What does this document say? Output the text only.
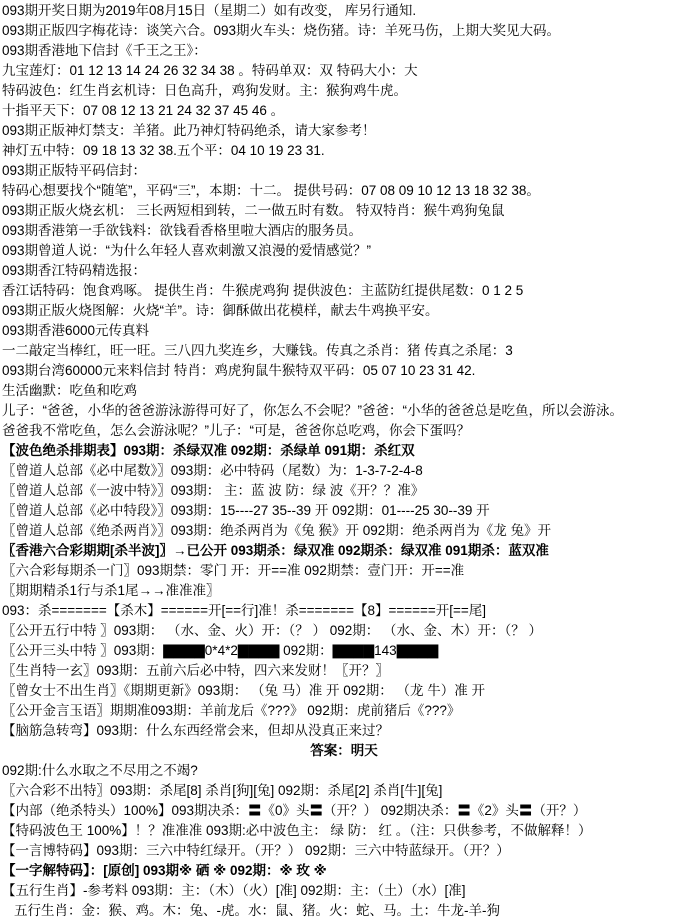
093期开奖日期为2019年08月15日（星期二）如有改变， 库另行通知.
093期正版四字梅花诗：谈笑六合。093期火车头：烧伤猪。诗：羊死马伤，上期大奖见大码。
093期香港地下信封《千王之王》：
九宝莲灯：01 12 13 14 24 26 32 34 38 。特码单双：双 特码大小：大
特码波色：红生肖玄机诗：日色高升，鸡狗发财。主：猴狗鸡牛虎。
十指平天下：07 08 12 13 21 24 32 37 45 46 。
093期正版神灯禁支：羊猪。此乃神灯特码绝杀，请大家参考！
神灯五中特：09 18 13 32 38.五个平：04 10 19 23 31.
093期正版特平码信封：
特码心想要找个“随笔”，平码“三”，本期：十二。 提供号码：07 08 09 10 12 13 18 32 38。
093期正版火烧玄机： 三长两短相到转，二一做五时有数。 特双特肖：猴牛鸡狗兔鼠
093期香港第一手欲钱料：欲钱看香格里啦大酒店的服务员。
093期曾道人说：“为什么年轻人喜欢刺激又浪漫的爱情感觉？”
093期香江特码精选报：
香江话特码：饱食鸡啄。 提供生肖：牛猴虎鸡狗 提供波色：主蓝防红提供尾数：0 1 2 5
093期正版火烧图解：火烧“羊”。诗：御酥做出花模样，献去牛鸡换平安。
093期香港6000元传真料
一二敲定当棒红，旺一旺。三八四九奖连乡，大赚钱。传真之杀肖：猪 传真之杀尾：3
093期台湾60000元来料信封 特肖：鸡虎狗鼠牛猴特双平码：05 07 10 23 31 42.
生活幽默：吃鱼和吃鸡
儿子：“爸爸，小华的爸爸游泳游得可好了，你怎么不会呢？”爸爸：“小华的爸爸总是吃鱼，所以会游泳。
爸爸我不常吃鱼，怎么会游泳呢？”儿子：“可是，爸爸你总吃鸡，你会下蛋吗？
【波色绝杀排期表】093期：杀绿双准 092期：杀绿单 091期：杀红双
〖曾道人总部《必中尾数》〗093期：必中特码（尾数）为：1-3-7-2-4-8
〖曾道人总部《一波中特》〗093期： 主：蓝 波 防：绿 波《开？？准》
〖曾道人总部《必中特段》〗093期：15----27 35--39 开 092期：01----25 30--39 开
〖曾道人总部《绝杀两肖》〗093期：绝杀两肖为《兔 猴》开 092期：绝杀两肖为《龙 兔》开
〖香港六合彩期期[杀半波]〗→已公开 093期杀：绿双准 092期杀：绿双准 091期杀：蓝双准
〖六合彩每期杀一门〗093期禁：零门 开：开==准 092期禁：壹门开：开==准
〖期期精杀1行与杀1尾→→准准准〗
093：杀=======【杀木】======开[==行]准！杀=======【8】======开[==尾]
〖公开五行中特 〗093期： （水、金、火）开：（？ ） 092期： （水、金、木）开：（？ ）
〖公开三头中特 〗093期：▇▇▇▇0*4*2▇▇▇▇ 092期：▇▇▇▇143▇▇▇▇
〖生肖特一玄〗093期：五前六后必中特，四六来发财！〖开？〗
〖曾女士不出生肖〗《期期更新》093期： （兔 马）准 开 092期： （龙 牛）准 开
〖公开金言玉语〗期期准093期：羊前龙后《???》 092期：虎前猪后《???》
【脑筋急转弯】093期：什么东西经常会来，但却从没真正来过？
答案：明天
092期:什么水取之不尽用之不竭?
〖六合彩不出特〗093期：杀尾[8] 杀肖[狗][兔] 092期：杀尾[2] 杀肖[牛][兔]
【内部（绝杀特头）100%】093期决杀：〓《0》头〓（开？） 092期决杀：〓《2》头〓（开？）
【特码波色王 100%】！？准准准 093期:必中波色主： 绿 防： 红 。（注：只供参考，不做解释！）
【一言博特码】093期：三六中特红绿开。（开？） 092期：三六中特蓝绿开。（开？）
【一字解特码】：[原创] 093期※ 硒 ※ 092期：※ 玫 ※
【五行生肖】-参考料 093期：主：（木）（火）[准] 092期：主：（土）（水）[准]
五行生肖：金：猴、鸡。木：兔、-虎。水：鼠、猪。火：蛇、马。土：牛龙-羊-狗
